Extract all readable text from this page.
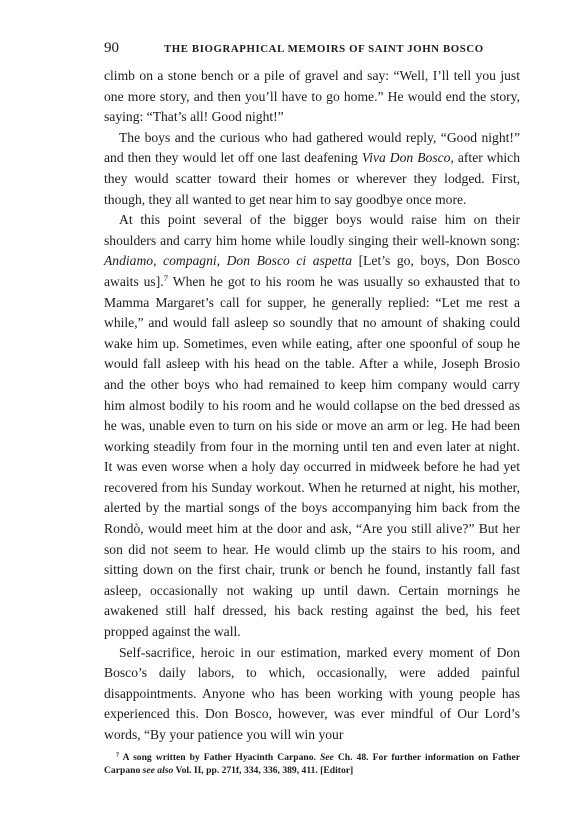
90	THE BIOGRAPHICAL MEMOIRS OF SAINT JOHN BOSCO

climb on a stone bench or a pile of gravel and say: “Well, I’ll tell you just one more story, and then you’ll have to go home.” He would end the story, saying: “That’s all! Good night!”

The boys and the curious who had gathered would reply, “Good night!” and then they would let off one last deafening Viva Don Bosco, after which they would scatter toward their homes or wherever they lodged. First, though, they all wanted to get near him to say goodbye once more.

At this point several of the bigger boys would raise him on their shoulders and carry him home while loudly singing their well-known song: Andiamo, compagni, Don Bosco ci aspetta [Let’s go, boys, Don Bosco awaits us].$^7$ When he got to his room he was usually so exhausted that to Mamma Margaret’s call for supper, he generally replied: “Let me rest a while,” and would fall asleep so soundly that no amount of shaking could wake him up. Sometimes, even while eating, after one spoonful of soup he would fall asleep with his head on the table. After a while, Joseph Brosio and the other boys who had remained to keep him company would carry him almost bodily to his room and he would collapse on the bed dressed as he was, unable even to turn on his side or move an arm or leg. He had been working steadily from four in the morning until ten and even later at night. It was even worse when a holy day occurred in midweek before he had yet recovered from his Sunday workout. When he returned at night, his mother, alerted by the martial songs of the boys accompanying him back from the Rondò, would meet him at the door and ask, “Are you still alive?” But her son did not seem to hear. He would climb up the stairs to his room, and sitting down on the first chair, trunk or bench he found, instantly fall fast asleep, occasionally not waking up until dawn. Certain mornings he awakened still half dressed, his back resting against the bed, his feet propped against the wall.

Self-sacrifice, heroic in our estimation, marked every moment of Don Bosco’s daily labors, to which, occasionally, were added painful disappointments. Anyone who has been working with young people has experienced this. Don Bosco, however, was ever mindful of Our Lord’s words, “By your patience you will win your

$^7$ A song written by Father Hyacinth Carpano. See Ch. 48. For further information on Father Carpano see also Vol. II, pp. 271f, 334, 336, 389, 411. [Editor]
